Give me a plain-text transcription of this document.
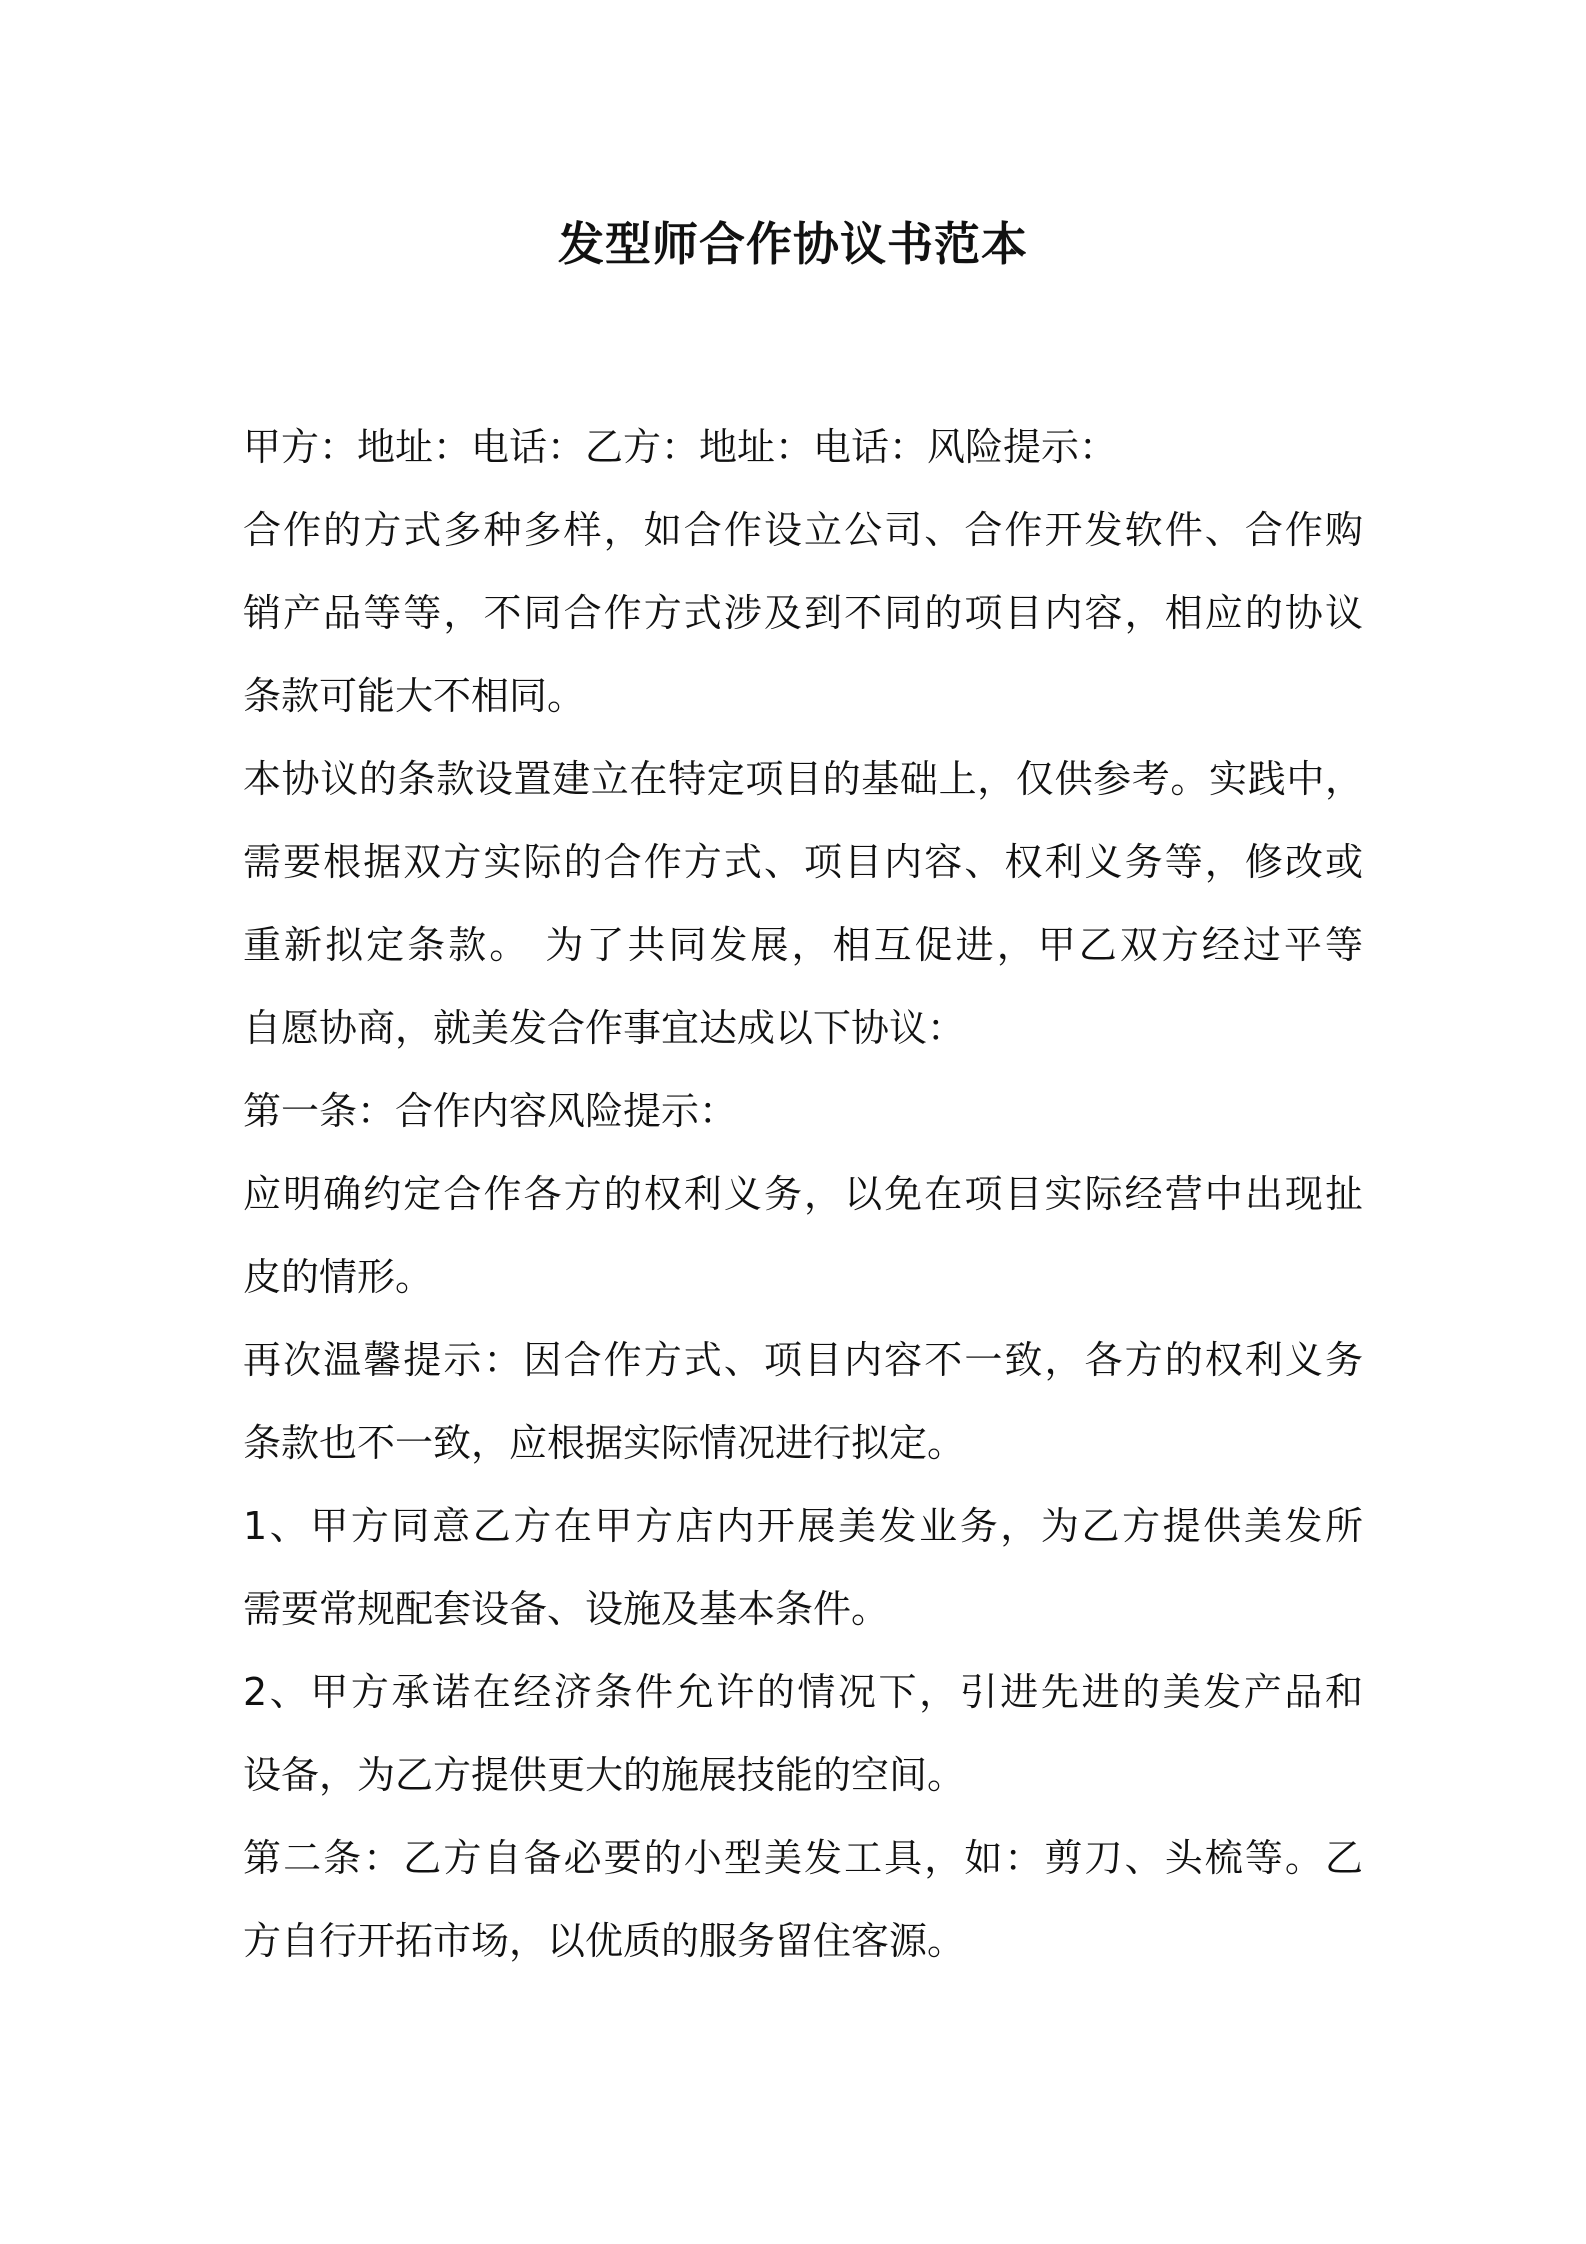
发型师合作协议书范本
甲方：地址：电话：乙方：地址：电话：风险提示：
合作的方式多种多样，如合作设立公司、合作开发软件、合作购
销产品等等，不同合作方式涉及到不同的项目内容，相应的协议
条款可能大不相同。
本协议的条款设置建立在特定项目的基础上，仅供参考。实践中，
需要根据双方实际的合作方式、项目内容、权利义务等，修改或
重新拟定条款。 为了共同发展，相互促进，甲乙双方经过平等
自愿协商，就美发合作事宜达成以下协议：
第一条：合作内容风险提示：
应明确约定合作各方的权利义务，以免在项目实际经营中出现扯
皮的情形。
再次温馨提示：因合作方式、项目内容不一致，各方的权利义务
条款也不一致，应根据实际情况进行拟定。
1、甲方同意乙方在甲方店内开展美发业务，为乙方提供美发所
需要常规配套设备、设施及基本条件。
2、甲方承诺在经济条件允许的情况下，引进先进的美发产品和
设备，为乙方提供更大的施展技能的空间。
第二条：乙方自备必要的小型美发工具，如：剪刀、头梳等。乙
方自行开拓市场，以优质的服务留住客源。
